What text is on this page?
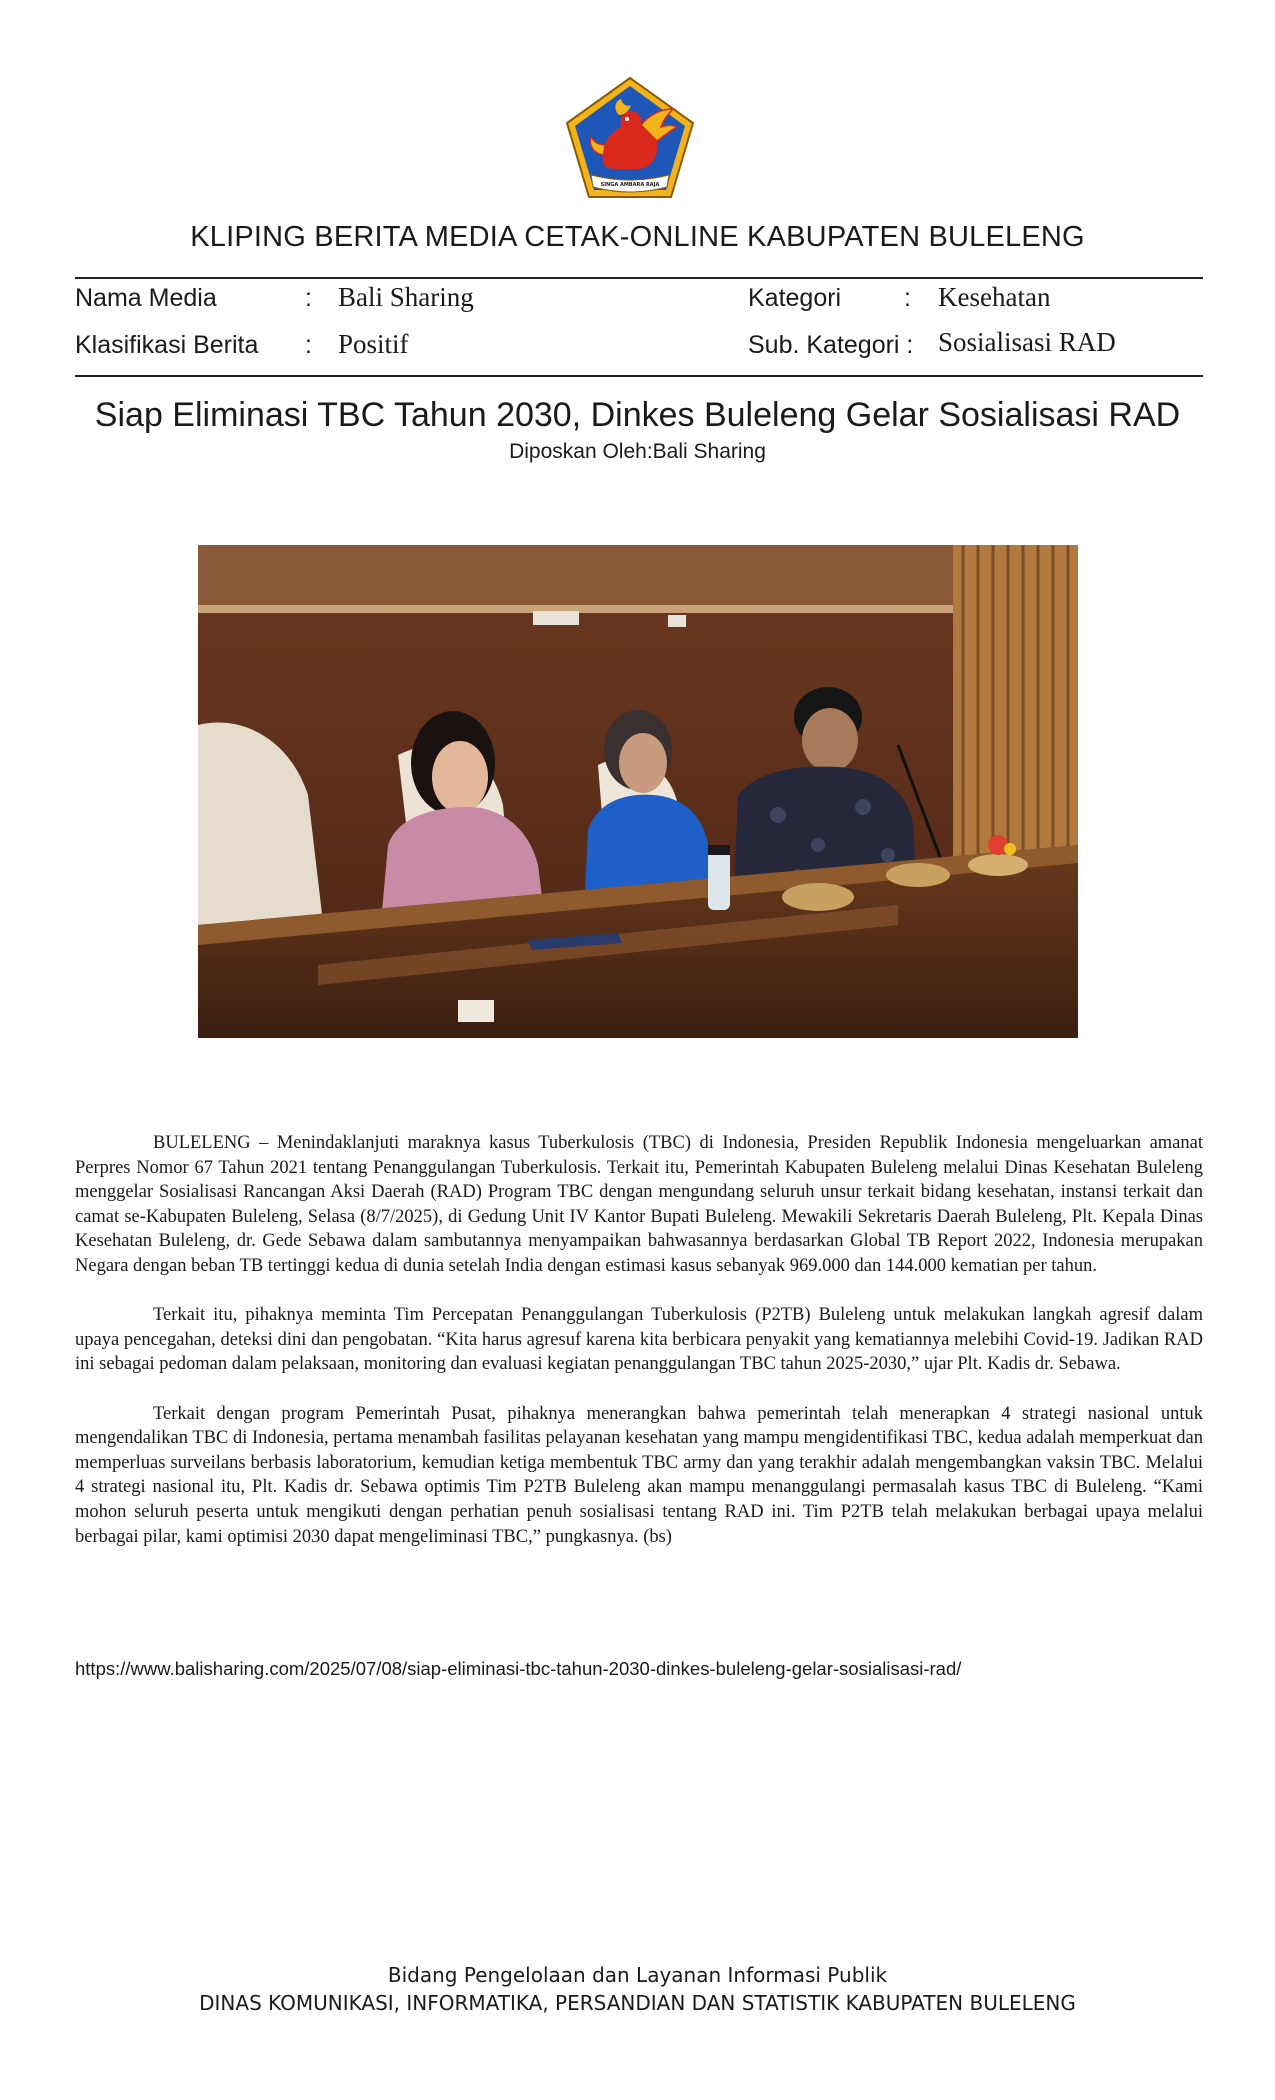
SINGA AMBARA RAJA
KLIPING BERITA MEDIA CETAK-ONLINE KABUPATEN BULELENG
Nama Media	: Bali Sharing	Kategori	: Kesehatan
Klasifikasi Berita : Positif	Sub. Kategori : Sosialisasi RAD
Siap Eliminasi TBC Tahun 2030, Dinkes Buleleng Gelar Sosialisasi RAD
Diposkan Oleh:Bali Sharing

BULELENG – Menindaklanjuti maraknya kasus Tuberkulosis (TBC) di Indonesia, Presiden Republik Indonesia mengeluarkan amanat Perpres Nomor 67 Tahun 2021 tentang Penanggulangan Tuberkulosis. Terkait itu, Pemerintah Kabupaten Buleleng melalui Dinas Kesehatan Buleleng menggelar Sosialisasi Rancangan Aksi Daerah (RAD) Program TBC dengan mengundang seluruh unsur terkait bidang kesehatan, instansi terkait dan camat se-Kabupaten Buleleng, Selasa (8/7/2025), di Gedung Unit IV Kantor Bupati Buleleng. Mewakili Sekretaris Daerah Buleleng, Plt. Kepala Dinas Kesehatan Buleleng, dr. Gede Sebawa dalam sambutannya menyampaikan bahwasannya berdasarkan Global TB Report 2022, Indonesia merupakan Negara dengan beban TB tertinggi kedua di dunia setelah India dengan estimasi kasus sebanyak 969.000 dan 144.000 kematian per tahun.

Terkait itu, pihaknya meminta Tim Percepatan Penanggulangan Tuberkulosis (P2TB) Buleleng untuk melakukan langkah agresif dalam upaya pencegahan, deteksi dini dan pengobatan. “Kita harus agresuf karena kita berbicara penyakit yang kematiannya melebihi Covid-19. Jadikan RAD ini sebagai pedoman dalam pelaksaan, monitoring dan evaluasi kegiatan penanggulangan TBC tahun 2025-2030,” ujar Plt. Kadis dr. Sebawa.

Terkait dengan program Pemerintah Pusat, pihaknya menerangkan bahwa pemerintah telah menerapkan 4 strategi nasional untuk mengendalikan TBC di Indonesia, pertama menambah fasilitas pelayanan kesehatan yang mampu mengidentifikasi TBC, kedua adalah memperkuat dan memperluas surveilans berbasis laboratorium, kemudian ketiga membentuk TBC army dan yang terakhir adalah mengembangkan vaksin TBC. Melalui 4 strategi nasional itu, Plt. Kadis dr. Sebawa optimis Tim P2TB Buleleng akan mampu menanggulangi permasalah kasus TBC di Buleleng. “Kami mohon seluruh peserta untuk mengikuti dengan perhatian penuh sosialisasi tentang RAD ini. Tim P2TB telah melakukan berbagai upaya melalui berbagai pilar, kami optimisi 2030 dapat mengeliminasi TBC,” pungkasnya. (bs)

https://www.balisharing.com/2025/07/08/siap-eliminasi-tbc-tahun-2030-dinkes-buleleng-gelar-sosialisasi-rad/
Bidang Pengelolaan dan Layanan Informasi Publik
DINAS KOMUNIKASI, INFORMATIKA, PERSANDIAN DAN STATISTIK KABUPATEN BULELENG
